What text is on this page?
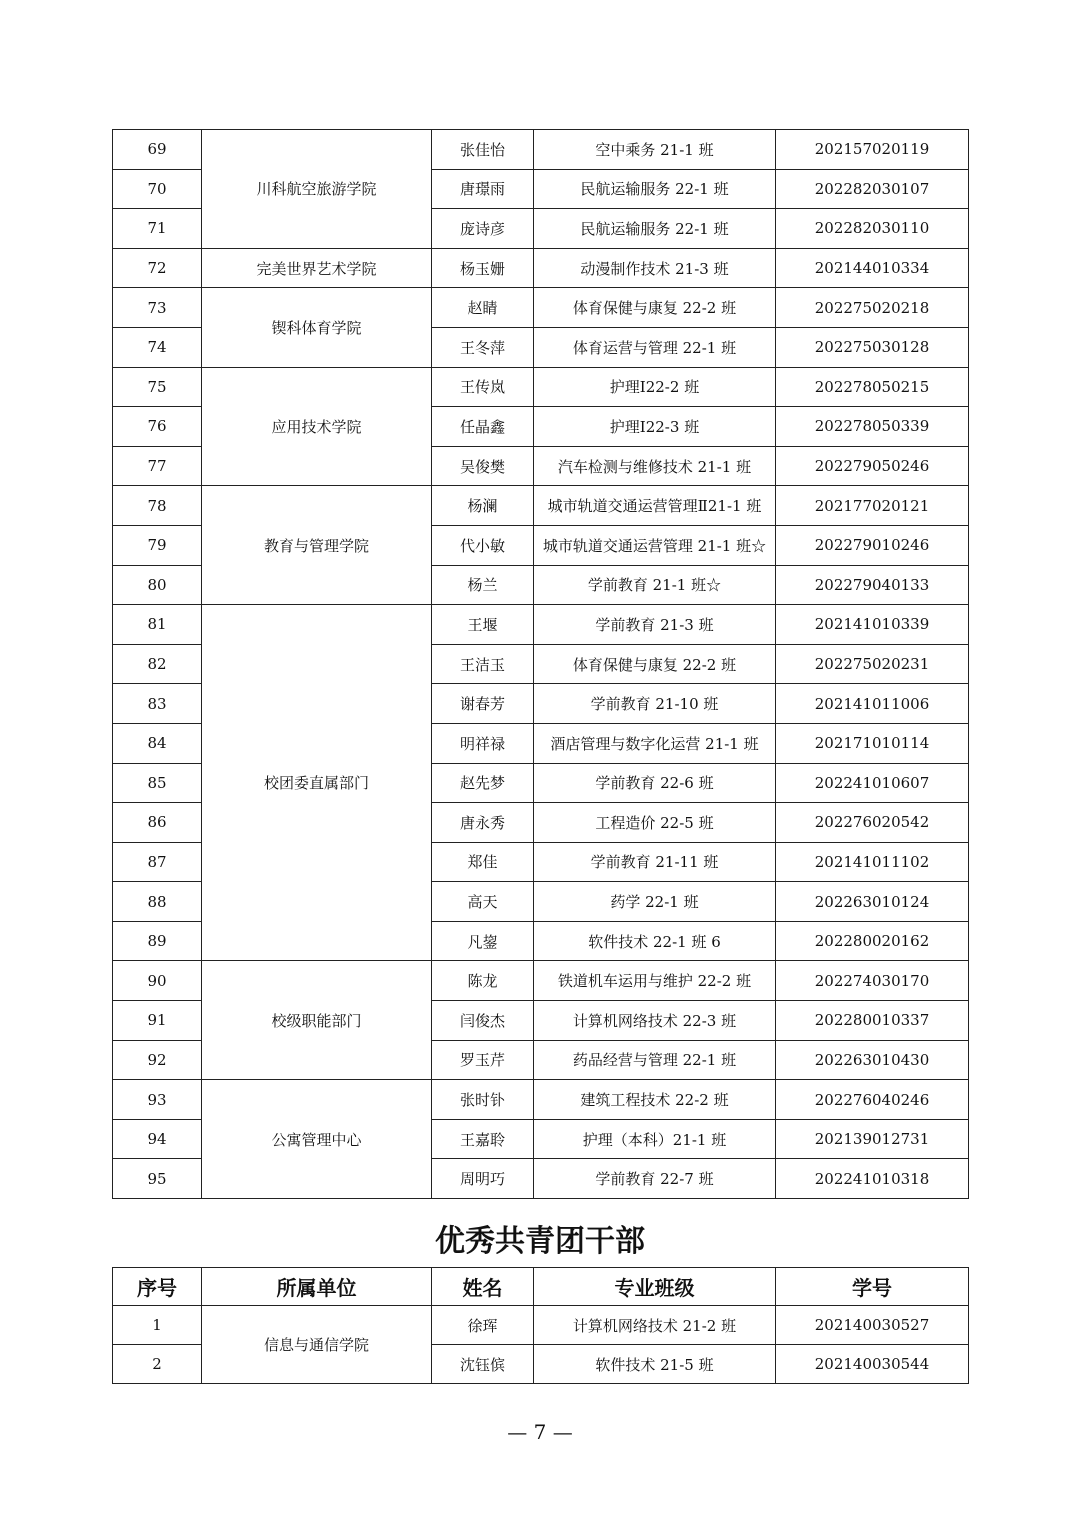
69	川科航空旅游学院	张佳怡	空中乘务 21-1 班	202157020119
70		唐璟雨	民航运输服务 22-1 班	202282030107
71		庞诗彦	民航运输服务 22-1 班	202282030110
72	完美世界艺术学院	杨玉姗	动漫制作技术 21-3 班	202144010334
73	锲科体育学院	赵睛	体育保健与康复 22-2 班	202275020218
74		王冬萍	体育运营与管理 22-1 班	202275030128
75	应用技术学院	王传岚	护理Ⅰ22-2 班	202278050215
76		任晶鑫	护理Ⅰ22-3 班	202278050339
77		吴俊樊	汽车检测与维修技术 21-1 班	202279050246
78	教育与管理学院	杨澜	城市轨道交通运营管理Ⅱ21-1 班	202177020121
79		代小敏	城市轨道交通运营管理 21-1 班☆	202279010246
80		杨兰	学前教育 21-1 班☆	202279040133
81	校团委直属部门	王堰	学前教育 21-3 班	202141010339
82		王洁玉	体育保健与康复 22-2 班	202275020231
83		谢春芳	学前教育 21-10 班	202141011006
84		明祥禄	酒店管理与数字化运营 21-1 班	202171010114
85		赵先梦	学前教育 22-6 班	202241010607
86		唐永秀	工程造价 22-5 班	202276020542
87		郑佳	学前教育 21-11 班	202141011102
88		高天	药学 22-1 班	202263010124
89		凡鋆	软件技术 22-1 班 6	202280020162
90	校级职能部门	陈龙	铁道机车运用与维护 22-2 班	202274030170
91		闫俊杰	计算机网络技术 22-3 班	202280010337
92		罗玉芹	药品经营与管理 22-1 班	202263010430
93	公寓管理中心	张时钋	建筑工程技术 22-2 班	202276040246
94		王嘉聆	护理（本科）21-1 班	202139012731
95		周明巧	学前教育 22-7 班	202241010318
优秀共青团干部
序号	所属单位	姓名	专业班级	学号
1	信息与通信学院	徐珲	计算机网络技术 21-2 班	202140030527
2		沈钰傧	软件技术 21-5 班	202140030544
— 7 —
